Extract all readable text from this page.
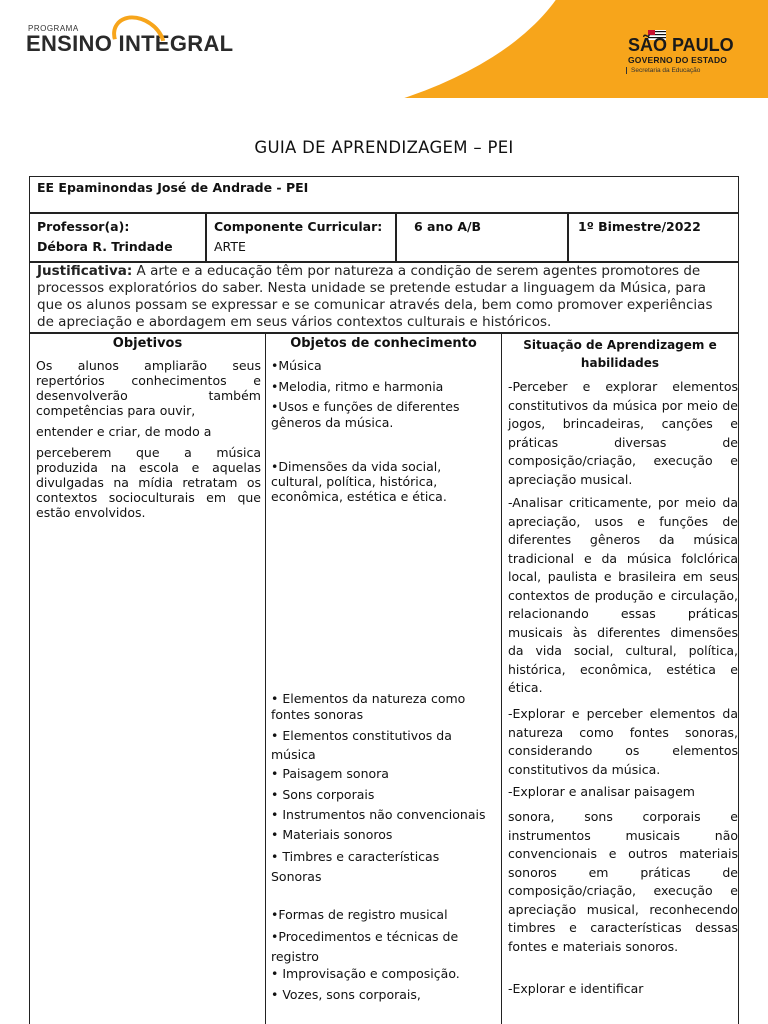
PROGRAMA
ENSINO INTEGRAL	SÃO PAULO
GOVERNO DO ESTADO
Secretaria da Educação
GUIA DE APRENDIZAGEM – PEI
EE Epaminondas José de Andrade - PEI
Professor(a):
Débora R. Trindade
Componente Curricular:
ARTE
6 ano A/B	1º Bimestre/2022
Justificativa: A arte e a educação têm por natureza a condição de serem agentes promotores de processos exploratórios do saber. Nesta unidade se pretende estudar a linguagem da Música, para que os alunos possam se expressar e se comunicar através dela, bem como promover experiências de apreciação e abordagem em seus vários contextos culturais e históricos.
Objetivos
Os alunos ampliarão seus repertórios conhecimentos e desenvolverão também competências para ouvir,
entender e criar, de modo a
perceberem que a música produzida na escola e aquelas divulgadas na mídia retratam os contextos socioculturais em que estão envolvidos.
Objetos de conhecimento
•Música
•Melodia, ritmo e harmonia
•Usos e funções de diferentes gêneros da música.
•Dimensões da vida social, cultural, política, histórica, econômica, estética e ética.
• Elementos da natureza como fontes sonoras
• Elementos constitutivos da música
• Paisagem sonora
• Sons corporais
• Instrumentos não convencionais
• Materiais sonoros
• Timbres e características Sonoras
•Formas de registro musical
•Procedimentos e técnicas de registro
• Improvisação e composição.
• Vozes, sons corporais,
Situação de Aprendizagem e habilidades
-Perceber e explorar elementos constitutivos da música por meio de jogos, brincadeiras, canções e práticas diversas de composição/criação, execução e apreciação musical.
-Analisar criticamente, por meio da apreciação, usos e funções de diferentes gêneros da música tradicional e da música folclórica local, paulista e brasileira em seus contextos de produção e circulação, relacionando essas práticas musicais às diferentes dimensões da vida social, cultural, política, histórica, econômica, estética e ética.
-Explorar e perceber elementos da natureza como fontes sonoras, considerando os elementos constitutivos da música.
-Explorar e analisar paisagem
sonora, sons corporais e instrumentos musicais não convencionais e outros materiais sonoros em práticas de composição/criação, execução e apreciação musical, reconhecendo timbres e características dessas fontes e materiais sonoros.
-Explorar e identificar
